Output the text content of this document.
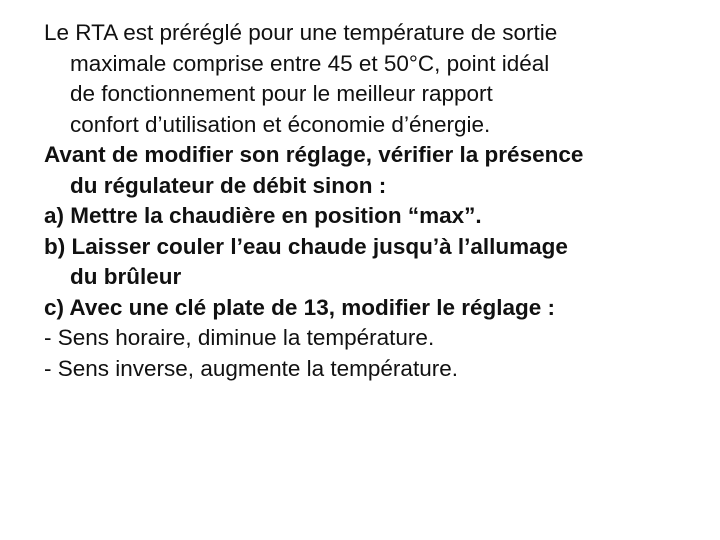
Le RTA est préréglé pour une température de sortie
maximale comprise entre 45 et 50°C, point idéal
de fonctionnement pour le meilleur rapport
confort d’utilisation et économie d’énergie.

Avant de modifier son réglage, vérifier la présence
du régulateur de débit sinon :

a) Mettre la chaudière en position “max”.

b) Laisser couler l’eau chaude jusqu’à l’allumage
du brûleur

c) Avec une clé plate de 13, modifier le réglage :

- Sens horaire, diminue la température.

- Sens inverse, augmente la température.
